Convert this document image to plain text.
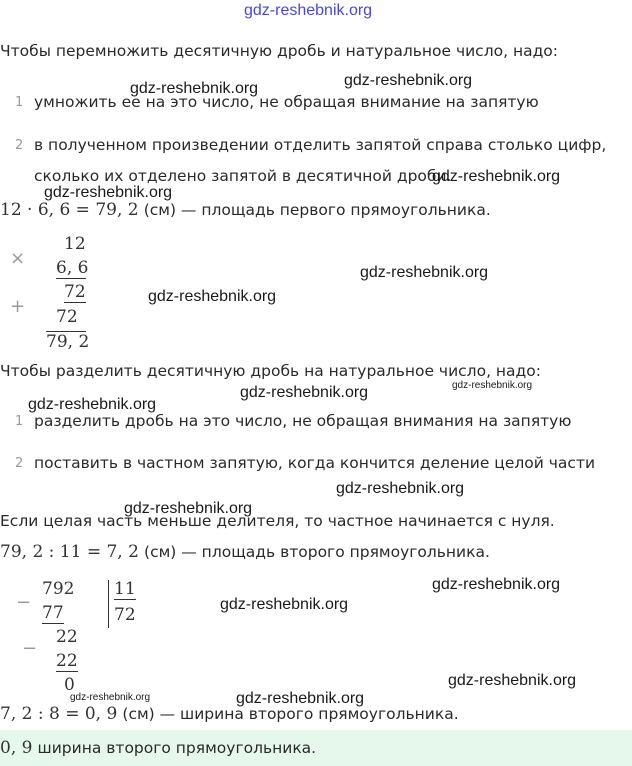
gdz-reshebnik.org
Чтобы перемножить десятичную дробь и натуральное число, надо:
1 умножить ее на это число, не обращая внимание на запятую
2 в полученном произведении отделить запятой справа столько цифр,
сколько их отделено запятой в десятичной дроби.
12 · 6, 6 = 79, 2 (см) — площадь первого прямоугольника.
×
+
12
6, 6
72
72
79, 2
Чтобы разделить десятичную дробь на натуральное число, надо:
1 разделить дробь на это число, не обращая внимания на запятую
2 поставить в частном запятую, когда кончится деление целой части
Если целая часть меньше делителя, то частное начинается с нуля.
79, 2 : 11 = 7, 2 (см) — площадь второго прямоугольника.
−
−
792
77
22
22
0
11
72
7, 2 : 8 = 0, 9 (см) — ширина второго прямоугольника.
0, 9 ширина второго прямоугольника.
gdz-reshebnik.org	gdz-reshebnik.org
gdz-reshebnik.org
gdz-reshebnik.org
gdz-reshebnik.org
gdz-reshebnik.org
gdz-reshebnik.org	gdz-reshebnik.org
gdz-reshebnik.org
gdz-reshebnik.org
gdz-reshebnik.org
gdz-reshebnik.org
gdz-reshebnik.org
gdz-reshebnik.org
gdz-reshebnik.org	gdz-reshebnik.org
